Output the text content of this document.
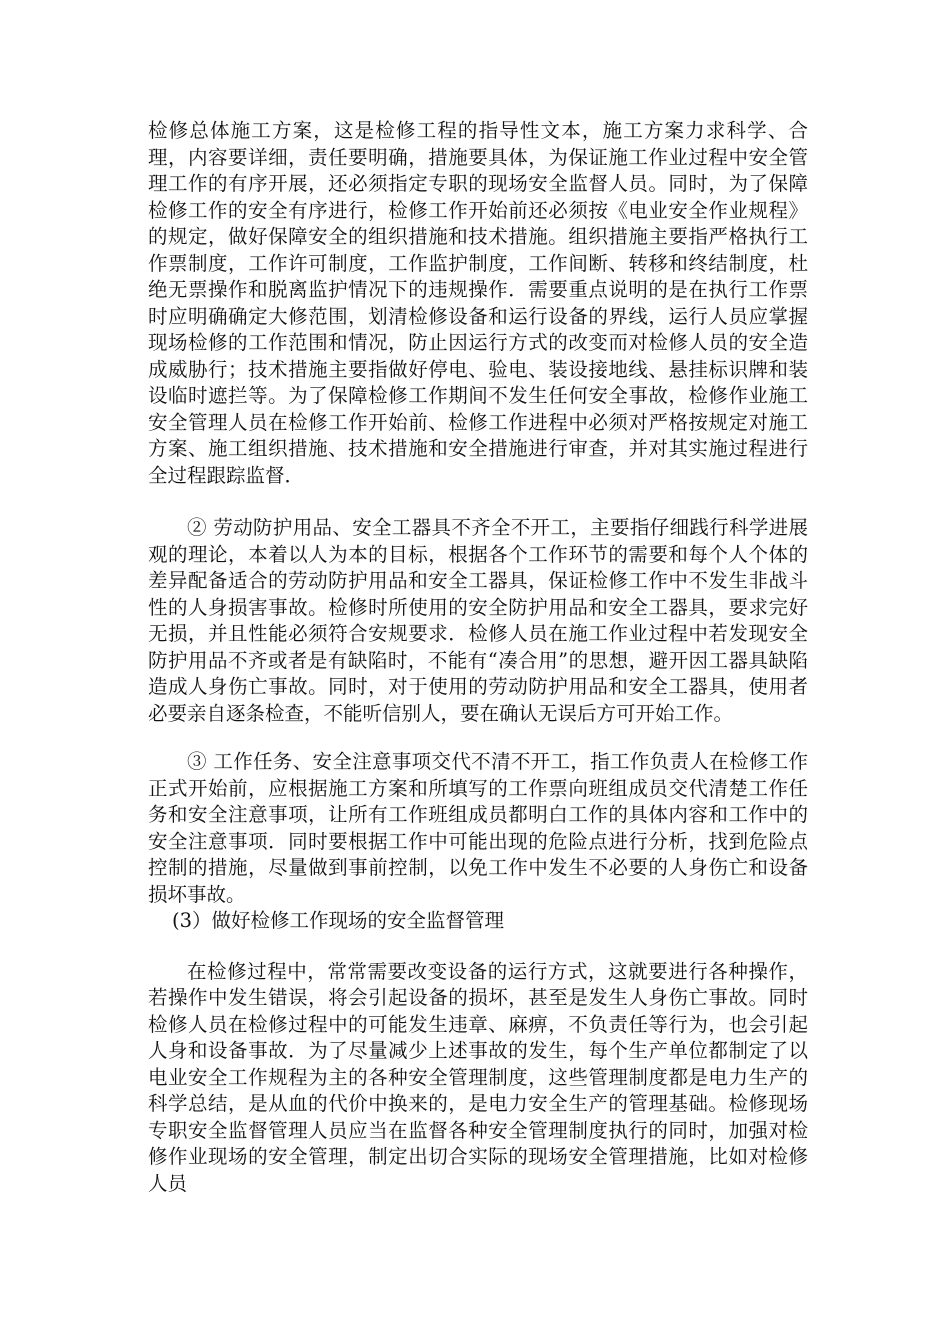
检修总体施工方案，这是检修工程的指导性文本，施工方案力求科学、合理，内容要详细，责任要明确，措施要具体，为保证施工作业过程中安全管理工作的有序开展，还必须指定专职的现场安全监督人员。同时，为了保障检修工作的安全有序进行，检修工作开始前还必须按《电业安全作业规程》的规定，做好保障安全的组织措施和技术措施。组织措施主要指严格执行工作票制度，工作许可制度，工作监护制度，工作间断、转移和终结制度，杜绝无票操作和脱离监护情况下的违规操作．需要重点说明的是在执行工作票时应明确确定大修范围，划清检修设备和运行设备的界线，运行人员应掌握现场检修的工作范围和情况，防止因运行方式的改变而对检修人员的安全造成威胁行；技术措施主要指做好停电、验电、装设接地线、悬挂标识牌和装设临时遮拦等。为了保障检修工作期间不发生任何安全事故，检修作业施工安全管理人员在检修工作开始前、检修工作进程中必须对严格按规定对施工方案、施工组织措施、技术措施和安全措施进行审查，并对其实施过程进行全过程跟踪监督．

② 劳动防护用品、安全工器具不齐全不开工，主要指仔细践行科学进展观的理论，本着以人为本的目标，根据各个工作环节的需要和每个人个体的差异配备适合的劳动防护用品和安全工器具，保证检修工作中不发生非战斗性的人身损害事故。检修时所使用的安全防护用品和安全工器具，要求完好无损，并且性能必须符合安规要求．检修人员在施工作业过程中若发现安全防护用品不齐或者是有缺陷时，不能有“凑合用”的思想，避开因工器具缺陷造成人身伤亡事故。同时，对于使用的劳动防护用品和安全工器具，使用者必要亲自逐条检查，不能听信别人，要在确认无误后方可开始工作。

③ 工作任务、安全注意事项交代不清不开工，指工作负责人在检修工作正式开始前，应根据施工方案和所填写的工作票向班组成员交代清楚工作任务和安全注意事项，让所有工作班组成员都明白工作的具体内容和工作中的安全注意事项．同时要根据工作中可能出现的危险点进行分析，找到危险点控制的措施，尽量做到事前控制，以免工作中发生不必要的人身伤亡和设备损坏事故。

(3）做好检修工作现场的安全监督管理

在检修过程中，常常需要改变设备的运行方式，这就要进行各种操作，若操作中发生错误，将会引起设备的损坏，甚至是发生人身伤亡事故。同时检修人员在检修过程中的可能发生违章、麻痹，不负责任等行为，也会引起人身和设备事故．为了尽量减少上述事故的发生，每个生产单位都制定了以电业安全工作规程为主的各种安全管理制度，这些管理制度都是电力生产的科学总结，是从血的代价中换来的，是电力安全生产的管理基础。检修现场专职安全监督管理人员应当在监督各种安全管理制度执行的同时，加强对检修作业现场的安全管理，制定出切合实际的现场安全管理措施，比如对检修人员
